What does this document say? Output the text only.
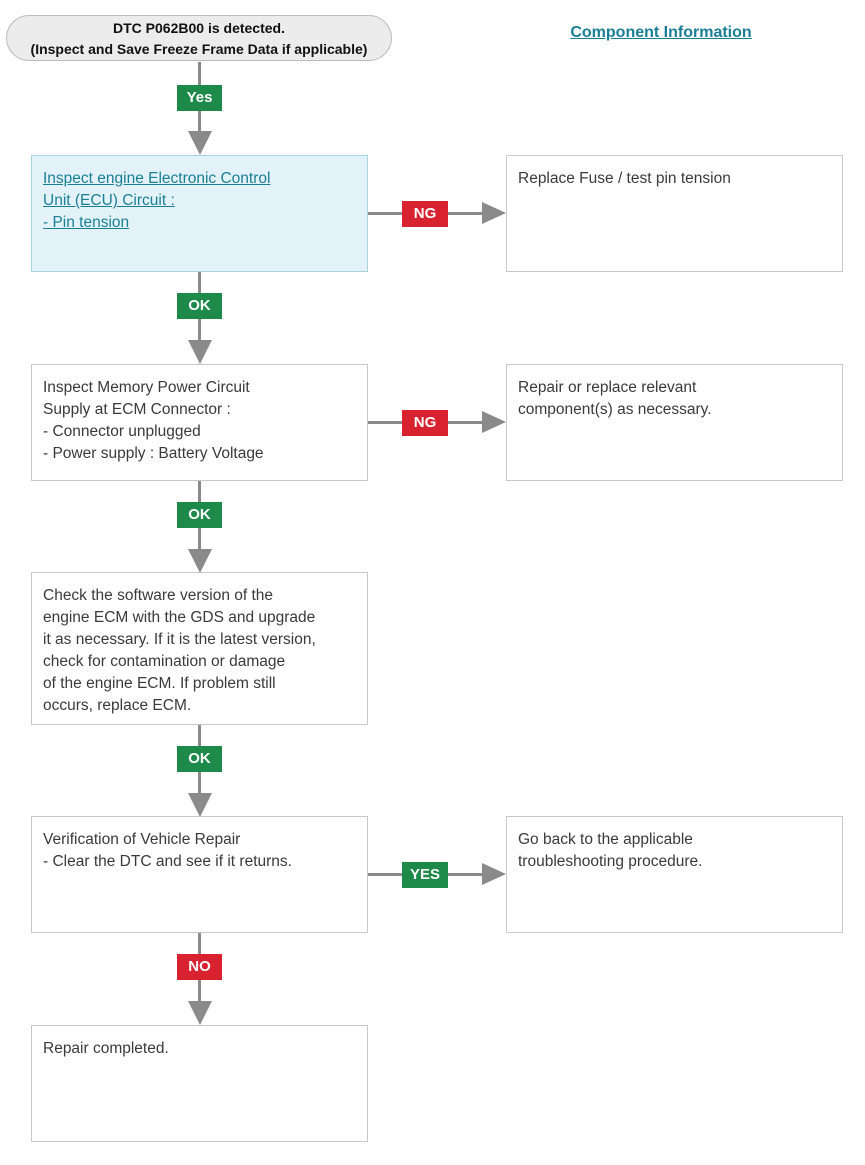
DTC P062B00 is detected.
(Inspect and Save Freeze Frame Data if applicable)
Component Information
Yes
Inspect engine Electronic Control
Unit (ECU) Circuit :
- Pin tension
NG
Replace Fuse / test pin tension
OK
Inspect Memory Power Circuit
Supply at ECM Connector :
- Connector unplugged
- Power supply : Battery Voltage
NG
Repair or replace relevant
component(s) as necessary.
OK
Check the software version of the
engine ECM with the GDS and upgrade
it as necessary. If it is the latest version,
check for contamination or damage
of the engine ECM. If problem still
occurs, replace ECM.
OK
Verification of Vehicle Repair
- Clear the DTC and see if it returns.
YES
Go back to the applicable
troubleshooting procedure.
NO
Repair completed.
